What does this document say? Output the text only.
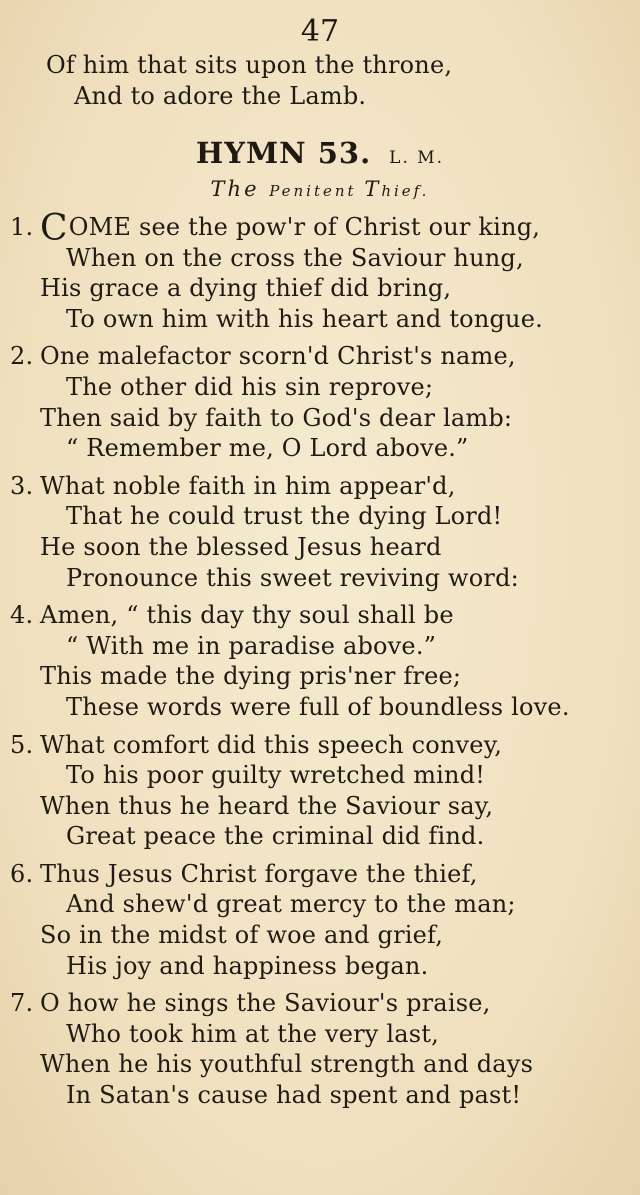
47
Of him that sits upon the throne,
And to adore the Lamb.
HYMN 53. L. M.
The Penitent Thief.
1. COME see the pow'r of Christ our king,
When on the cross the Saviour hung,
His grace a dying thief did bring,
To own him with his heart and tongue.
2. One malefactor scorn'd Christ's name,
The other did his sin reprove;
Then said by faith to God's dear lamb:
“ Remember me, O Lord above.”
3. What noble faith in him appear'd,
That he could trust the dying Lord!
He soon the blessed Jesus heard
Pronounce this sweet reviving word:
4. Amen, “ this day thy soul shall be
“ With me in paradise above.”
This made the dying pris'ner free;
These words were full of boundless love.
5. What comfort did this speech convey,
To his poor guilty wretched mind!
When thus he heard the Saviour say,
Great peace the criminal did find.
6. Thus Jesus Christ forgave the thief,
And shew'd great mercy to the man;
So in the midst of woe and grief,
His joy and happiness began.
7. O how he sings the Saviour's praise,
Who took him at the very last,
When he his youthful strength and days
In Satan's cause had spent and past!
